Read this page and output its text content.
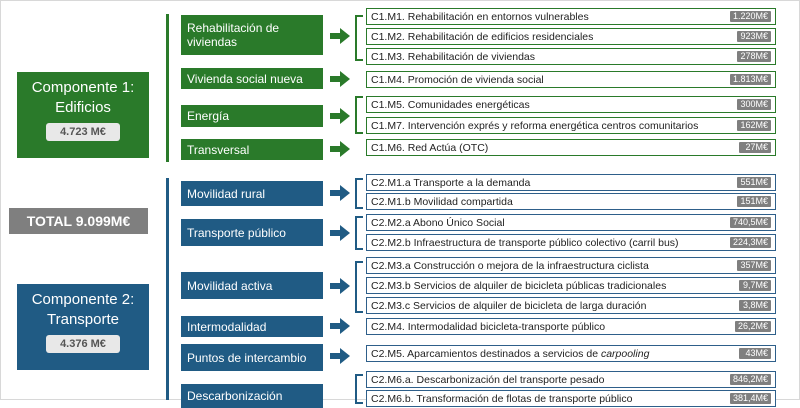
Componente 1: Edificios
4.723 M€
TOTAL 9.099M€
Componente 2: Transporte
4.376 M€
Rehabilitación de viviendas
Vivienda social nueva
Energía
Transversal
C1.M1. Rehabilitación en entornos vulnerables	1.220M€
C1.M2. Rehabilitación de edificios residenciales	923M€
C1.M3. Rehabilitación de viviendas	278M€
C1.M4. Promoción de vivienda social	1.813M€
C1.M5. Comunidades energéticas	300M€
C1.M7. Intervención exprés y reforma energética centros comunitarios	162M€
C1.M6. Red Actúa (OTC)	27M€
Movilidad rural
Transporte público
Movilidad activa
Intermodalidad
Puntos de intercambio
Descarbonización
C2.M1.a Transporte a la demanda	551M€
C2.M1.b Movilidad compartida	151M€
C2.M2.a Abono Único Social	740,5M€
C2.M2.b Infraestructura de transporte público colectivo (carril bus)	224,3M€
C2.M3.a Construcción o mejora de la infraestructura ciclista	357M€
C2.M3.b Servicios de alquiler de bicicleta públicas tradicionales	9,7M€
C2.M3.c Servicios de alquiler de bicicleta de larga duración	3,8M€
C2.M4. Intermodalidad bicicleta-transporte público	26,2M€
C2.M5. Aparcamientos destinados a servicios de carpooling	43M€
C2.M6.a. Descarbonización del transporte pesado	846,2M€
C2.M6.b. Transformación de flotas de transporte público	381,4M€
